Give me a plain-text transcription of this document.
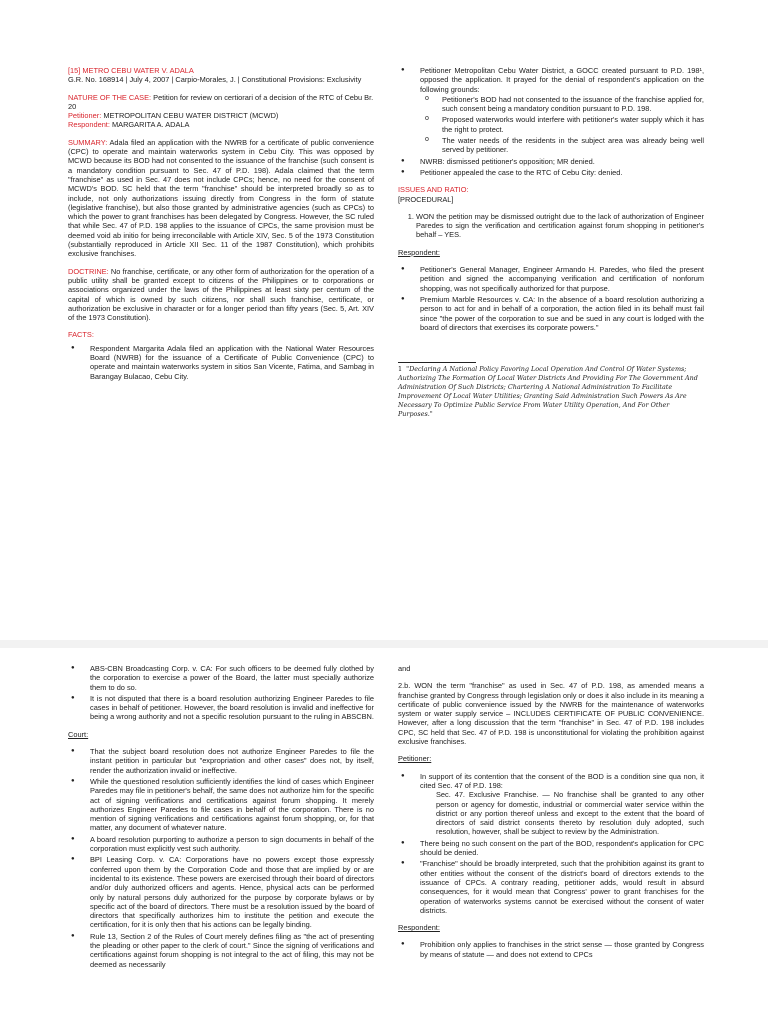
[15] METRO CEBU WATER V. ADALA

G.R. No. 168914 | July 4, 2007 | Carpio-Morales, J. | Constitutional Provisions: Exclusivity

NATURE OF THE CASE: Petition for review on certiorari of a decision of the RTC of Cebu Br. 20
Petitioner: METROPOLITAN CEBU WATER DISTRICT (MCWD)

Respondent: MARGARITA A. ADALA

SUMMARY: Adala filed an application with the NWRB for a certificate of public convenience (CPC) to operate and maintain waterworks system in Cebu City. This was opposed by MCWD because its BOD had not consented to the issuance of the franchise (such consent is a mandatory condition pursuant to Sec. 47 of P.D. 198). Adala claimed that the term "franchise" as used in Sec. 47 does not include CPCs; hence, no need for the consent of MCWD's BOD. SC held that the term "franchise" should be interpreted broadly so as to include, not only authorizations issuing directly from Congress in the form of statute (legislative franchise), but also those granted by administrative agencies (such as CPCs) to which the power to grant franchises has been delegated by Congress. However, the SC ruled that while Sec. 47 of P.D. 198 applies to the issuance of CPCs, the same provision must be deemed void ab initio for being irreconcilable with Article XIV, Sec. 5 of the 1973 Constitution (substantially reproduced in Article XII Sec. 11 of the 1987 Constitution), which prohibits exclusive franchises.

DOCTRINE: No franchise, certificate, or any other form of authorization for the operation of a public utility shall be granted except to citizens of the Philippines or to corporations or associations organized under the laws of the Philippines at least sixty per centum of the capital of which is owned by such citizens, nor shall such franchise, certificate, or authorization be exclusive in character or for a longer period than fifty years (Sec. 5, Art. XIV of the 1973 Constitution).

FACTS:
● Respondent Margarita Adala filed an application with the National Water Resources Board (NWRB) for the issuance of a Certificate of Public Convenience (CPC) to operate and maintain waterworks system in sitios San Vicente, Fatima, and Sambag in Barangay Bulacao, Cebu City.
● Petitioner Metropolitan Cebu Water District, a GOCC created pursuant to P.D. 198¹, opposed the application. It prayed for the denial of respondent's application on the following grounds:
o Petitioner's BOD had not consented to the issuance of the franchise applied for, such consent being a mandatory condition pursuant to P.D. 198.
o Proposed waterworks would interfere with petitioner's water supply which it has the right to protect.
o The water needs of the residents in the subject area was already being well served by petitioner.
● NWRB: dismissed petitioner's opposition; MR denied.
● Petitioner appealed the case to the RTC of Cebu City: denied.
ISSUES AND RATIO:

[PROCEDURAL]

1. WON the petition may be dismissed outright due to the lack of authorization of Engineer Paredes to sign the verification and certification against forum shopping in petitioner's behalf – YES.

Respondent:

● Petitioner's General Manager, Engineer Armando H. Paredes, who filed the present petition and signed the accompanying verification and certification of nonforum shopping, was not specifically authorized for that purpose.
● Premium Marble Resources v. CA: In the absence of a board resolution authorizing a person to act for and in behalf of a corporation, the action filed in its behalf must fail since "the power of the corporation to sue and be sued in any court is lodged with the board of directors that exercises its corporate powers."
1 "Declaring A National Policy Favoring Local Operation And Control Of Water Systems; Authorizing The Formation Of Local Water Districts And Providing For The Government And Administration Of Such Districts; Chartering A National Administration To Facilitate Improvement Of Local Water Utilities; Granting Said Administration Such Powers As Are Necessary To Optimize Public Service From Water Utility Operation, And For Other Purposes."
● ABS-CBN Broadcasting Corp. v. CA: For such officers to be deemed fully clothed by the corporation to exercise a power of the Board, the latter must specially authorize them to do so.
● It is not disputed that there is a board resolution authorizing Engineer Paredes to file cases in behalf of petitioner. However, the board resolution is invalid and ineffective for being a wrong authority and not a specific resolution pursuant to the ruling in ABSCBN.

Court:

● That the subject board resolution does not authorize Engineer Paredes to file the instant petition in particular but "expropriation and other cases" does not, by itself, render the authorization invalid or ineffective.
● While the questioned resolution sufficiently identifies the kind of cases which Engineer Paredes may file in petitioner's behalf, the same does not authorize him for the specific act of signing verifications and certifications against forum shopping. It merely authorizes Engineer Paredes to file cases in behalf of the corporation. There is no mention of signing verifications and certifications against forum shopping, or, for that matter, any document of whatever nature.
● A board resolution purporting to authorize a person to sign documents in behalf of the corporation must explicitly vest such authority.
● BPI Leasing Corp. v. CA: Corporations have no powers except those expressly conferred upon them by the Corporation Code and those that are implied by or are incidental to its existence. These powers are exercised through their board of directors and/or duly authorized officers and agents. Hence, physical acts can be performed only by natural persons duly authorized for the purpose by corporate bylaws or by specific act of the board of directors. There must be a resolution issued by the board of directors that specifically authorizes him to institute the petition and execute the certification, for it is only then that his actions can be legally binding.
● Rule 13, Section 2 of the Rules of Court merely defines filing as "the act of presenting the pleading or other paper to the clerk of court." Since the signing of verifications and certifications against forum shopping is not integral to the act of filing, this may not be deemed as necessarily

and

2.b. WON the term "franchise" as used in Sec. 47 of P.D. 198, as amended means a franchise granted by Congress through legislation only or does it also include in its meaning a certificate of public convenience issued by the NWRB for the maintenance of waterworks system or water supply service – INCLUDES CERTIFICATE OF PUBLIC CONVENIENCE. However, after a long discussion that the term "franchise" in Sec. 47 of P.D. 198 includes CPC, SC held that Sec. 47 of P.D. 198 is unconstitutional for violating the prohibition against exclusive franchises.

Petitioner:

● In support of its contention that the consent of the BOD is a condition sine qua non, it cited Sec. 47 of P.D. 198:
Sec. 47. Exclusive Franchise. — No franchise shall be granted to any other person or agency for domestic, industrial or commercial water service within the district or any portion thereof unless and except to the extent that the board of directors of said district consents thereto by resolution duly adopted, such resolution, however, shall be subject to review by the Administration.
● There being no such consent on the part of the BOD, respondent's application for CPC should be denied.
● "Franchise" should be broadly interpreted, such that the prohibition against its grant to other entities without the consent of the district's board of directors extends to the issuance of CPCs. A contrary reading, petitioner adds, would result in absurd consequences, for it would mean that Congress' power to grant franchises for the operation of waterworks systems cannot be exercised without the consent of water districts.

Respondent:

● Prohibition only applies to franchises in the strict sense — those granted by Congress by means of statute — and does not extend to CPCs
